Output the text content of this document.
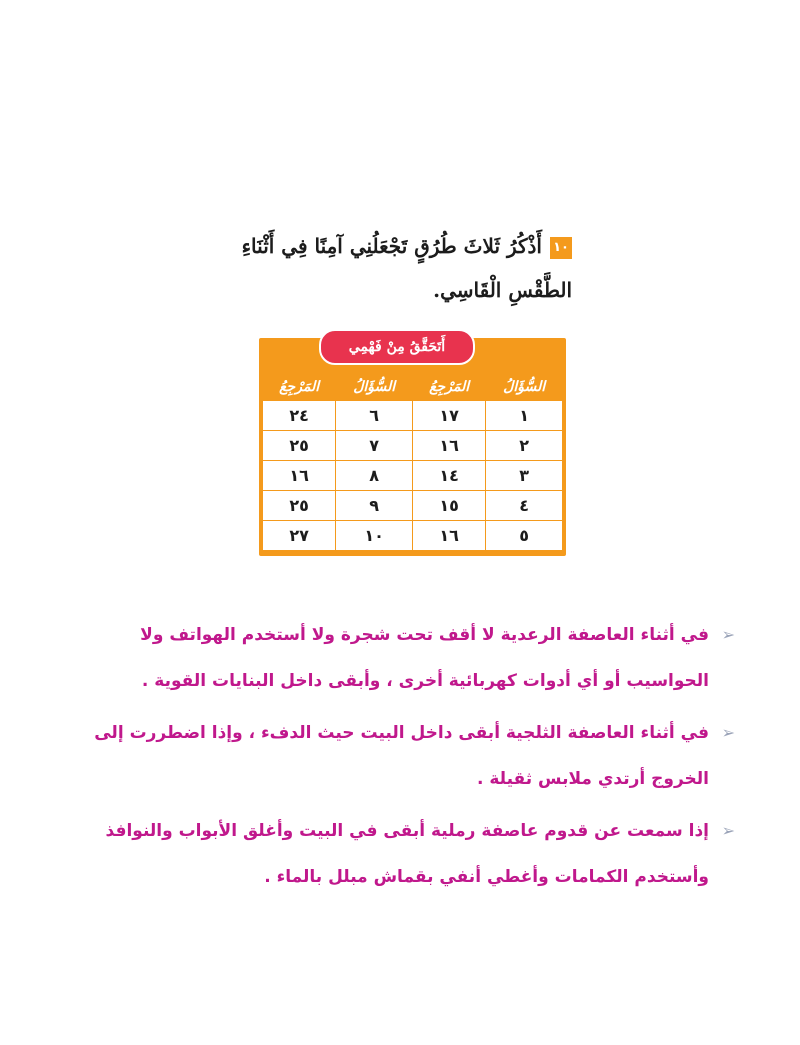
١٠أَذْكُرُ ثَلاثَ طُرُقٍ تَجْعَلُنِي آمِنًا فِي أَثْنَاءِ الطَّقْسِ الْقَاسِي.
أَتَحَقَّقُ مِنْ فَهْمِي
السُّؤَالُ	المَرْجِعُ	السُّؤَالُ	المَرْجِعُ
١	١٧	٦	٢٤
٢	١٦	٧	٢٥
٣	١٤	٨	١٦
٤	١٥	٩	٢٥
٥	١٦	١٠	٢٧

➢
في أثناء العاصفة الرعدية لا أقف تحت شجرة ولا أستخدم الهواتف ولا
الحواسيب أو أي أدوات كهربائية أخرى ، وأبقى داخل البنايات القوية .

➢
في أثناء العاصفة الثلجية أبقى داخل البيت حيث الدفء ، وإذا اضطررت إلى
الخروج أرتدي ملابس ثقيلة .

➢
إذا سمعت عن قدوم عاصفة رملية أبقى في البيت وأغلق الأبواب والنوافذ
وأستخدم الكمامات وأغطي أنفي بقماش مبلل بالماء .
